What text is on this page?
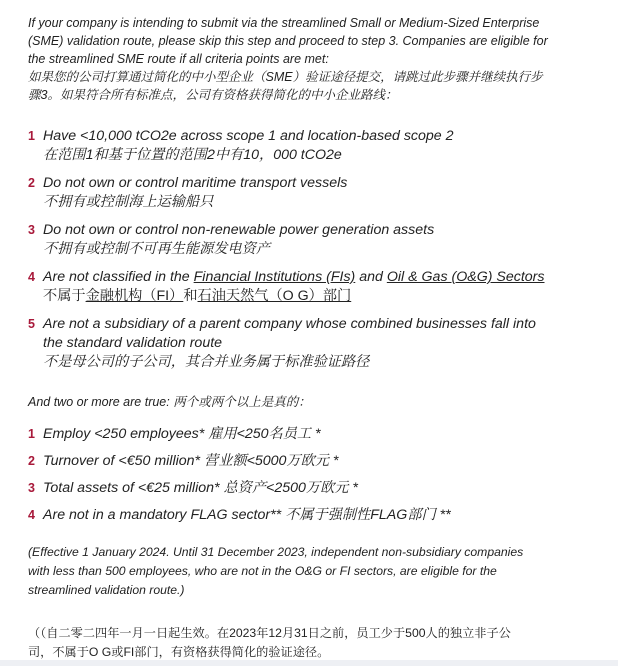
If your company is intending to submit via the streamlined Small or Medium-Sized Enterprise
(SME) validation route, please skip this step and proceed to step 3. Companies are eligible for
the streamlined SME route if all criteria points are met:
如果您的公司打算通过简化的中小型企业（SME）验证途径提交，请跳过此步骤并继续执行步
骤3。如果符合所有标准点，公司有资格获得简化的中小企业路线：
1 Have <10,000 tCO2e across scope 1 and location-based scope 2
在范围1和基于位置的范围2中有10，000 tCO2e
2 Do not own or control maritime transport vessels
不拥有或控制海上运输船只
3 Do not own or control non-renewable power generation assets
不拥有或控制不可再生能源发电资产
4 Are not classified in the Financial Institutions (FIs) and Oil & Gas (O&G) Sectors
不属于金融机构（FI）和石油天然气（O G）部门
5 Are not a subsidiary of a parent company whose combined businesses fall into
the standard validation route
不是母公司的子公司，其合并业务属于标准验证路径
And two or more are true: 两个或两个以上是真的：
1 Employ <250 employees* 雇用<250名员工 *
2 Turnover of <€50 million* 营业额<5000万欧元 *
3 Total assets of <€25 million* 总资产<2500万欧元 *
4 Are not in a mandatory FLAG sector** 不属于强制性FLAG部门 **
(Effective 1 January 2024. Until 31 December 2023, independent non-subsidiary companies
with less than 500 employees, who are not in the O&G or FI sectors, are eligible for the
streamlined validation route.)
（（自二零二四年一月一日起生效。在2023年12月31日之前，员工少于500人的独立非子公
司，不属于O G或FI部门，有资格获得简化的验证途径。
